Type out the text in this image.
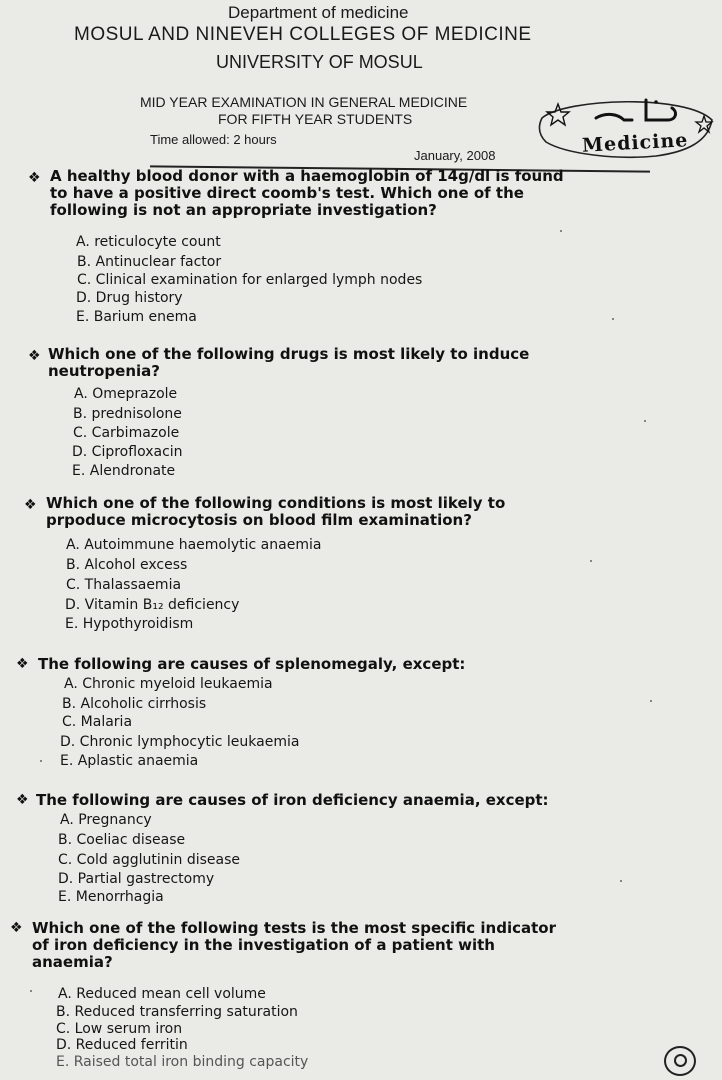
Department of medicine
MOSUL AND NINEVEH COLLEGES OF MEDICINE
UNIVERSITY OF MOSUL
MID YEAR EXAMINATION IN GENERAL MEDICINE
FOR FIFTH YEAR STUDENTS
Time allowed: 2 hours
January, 2008	Medicine
❖ A healthy blood donor with a haemoglobin of 14g/dl is found
to have a positive direct coomb's test. Which one of the
following is not an appropriate investigation?
A. reticulocyte count
B. Antinuclear factor
C. Clinical examination for enlarged lymph nodes
D. Drug history
E. Barium enema
❖ Which one of the following drugs is most likely to induce
neutropenia?
A. Omeprazole
B. prednisolone
C. Carbimazole
D. Ciprofloxacin
E. Alendronate
❖ Which one of the following conditions is most likely to
prpoduce microcytosis on blood film examination?
A. Autoimmune haemolytic anaemia
B. Alcohol excess
C. Thalassaemia
D. Vitamin B₁₂ deficiency
E. Hypothyroidism
❖ The following are causes of splenomegaly, except:
A. Chronic myeloid leukaemia
B. Alcoholic cirrhosis
C. Malaria
D. Chronic lymphocytic leukaemia
E. Aplastic anaemia
❖ The following are causes of iron deficiency anaemia, except:
A. Pregnancy
B. Coeliac disease
C. Cold agglutinin disease
D. Partial gastrectomy
E. Menorrhagia
❖ Which one of the following tests is the most specific indicator
of iron deficiency in the investigation of a patient with
anaemia?
A. Reduced mean cell volume
B. Reduced transferring saturation
C. Low serum iron
D. Reduced ferritin
E. Raised total iron binding capacity
